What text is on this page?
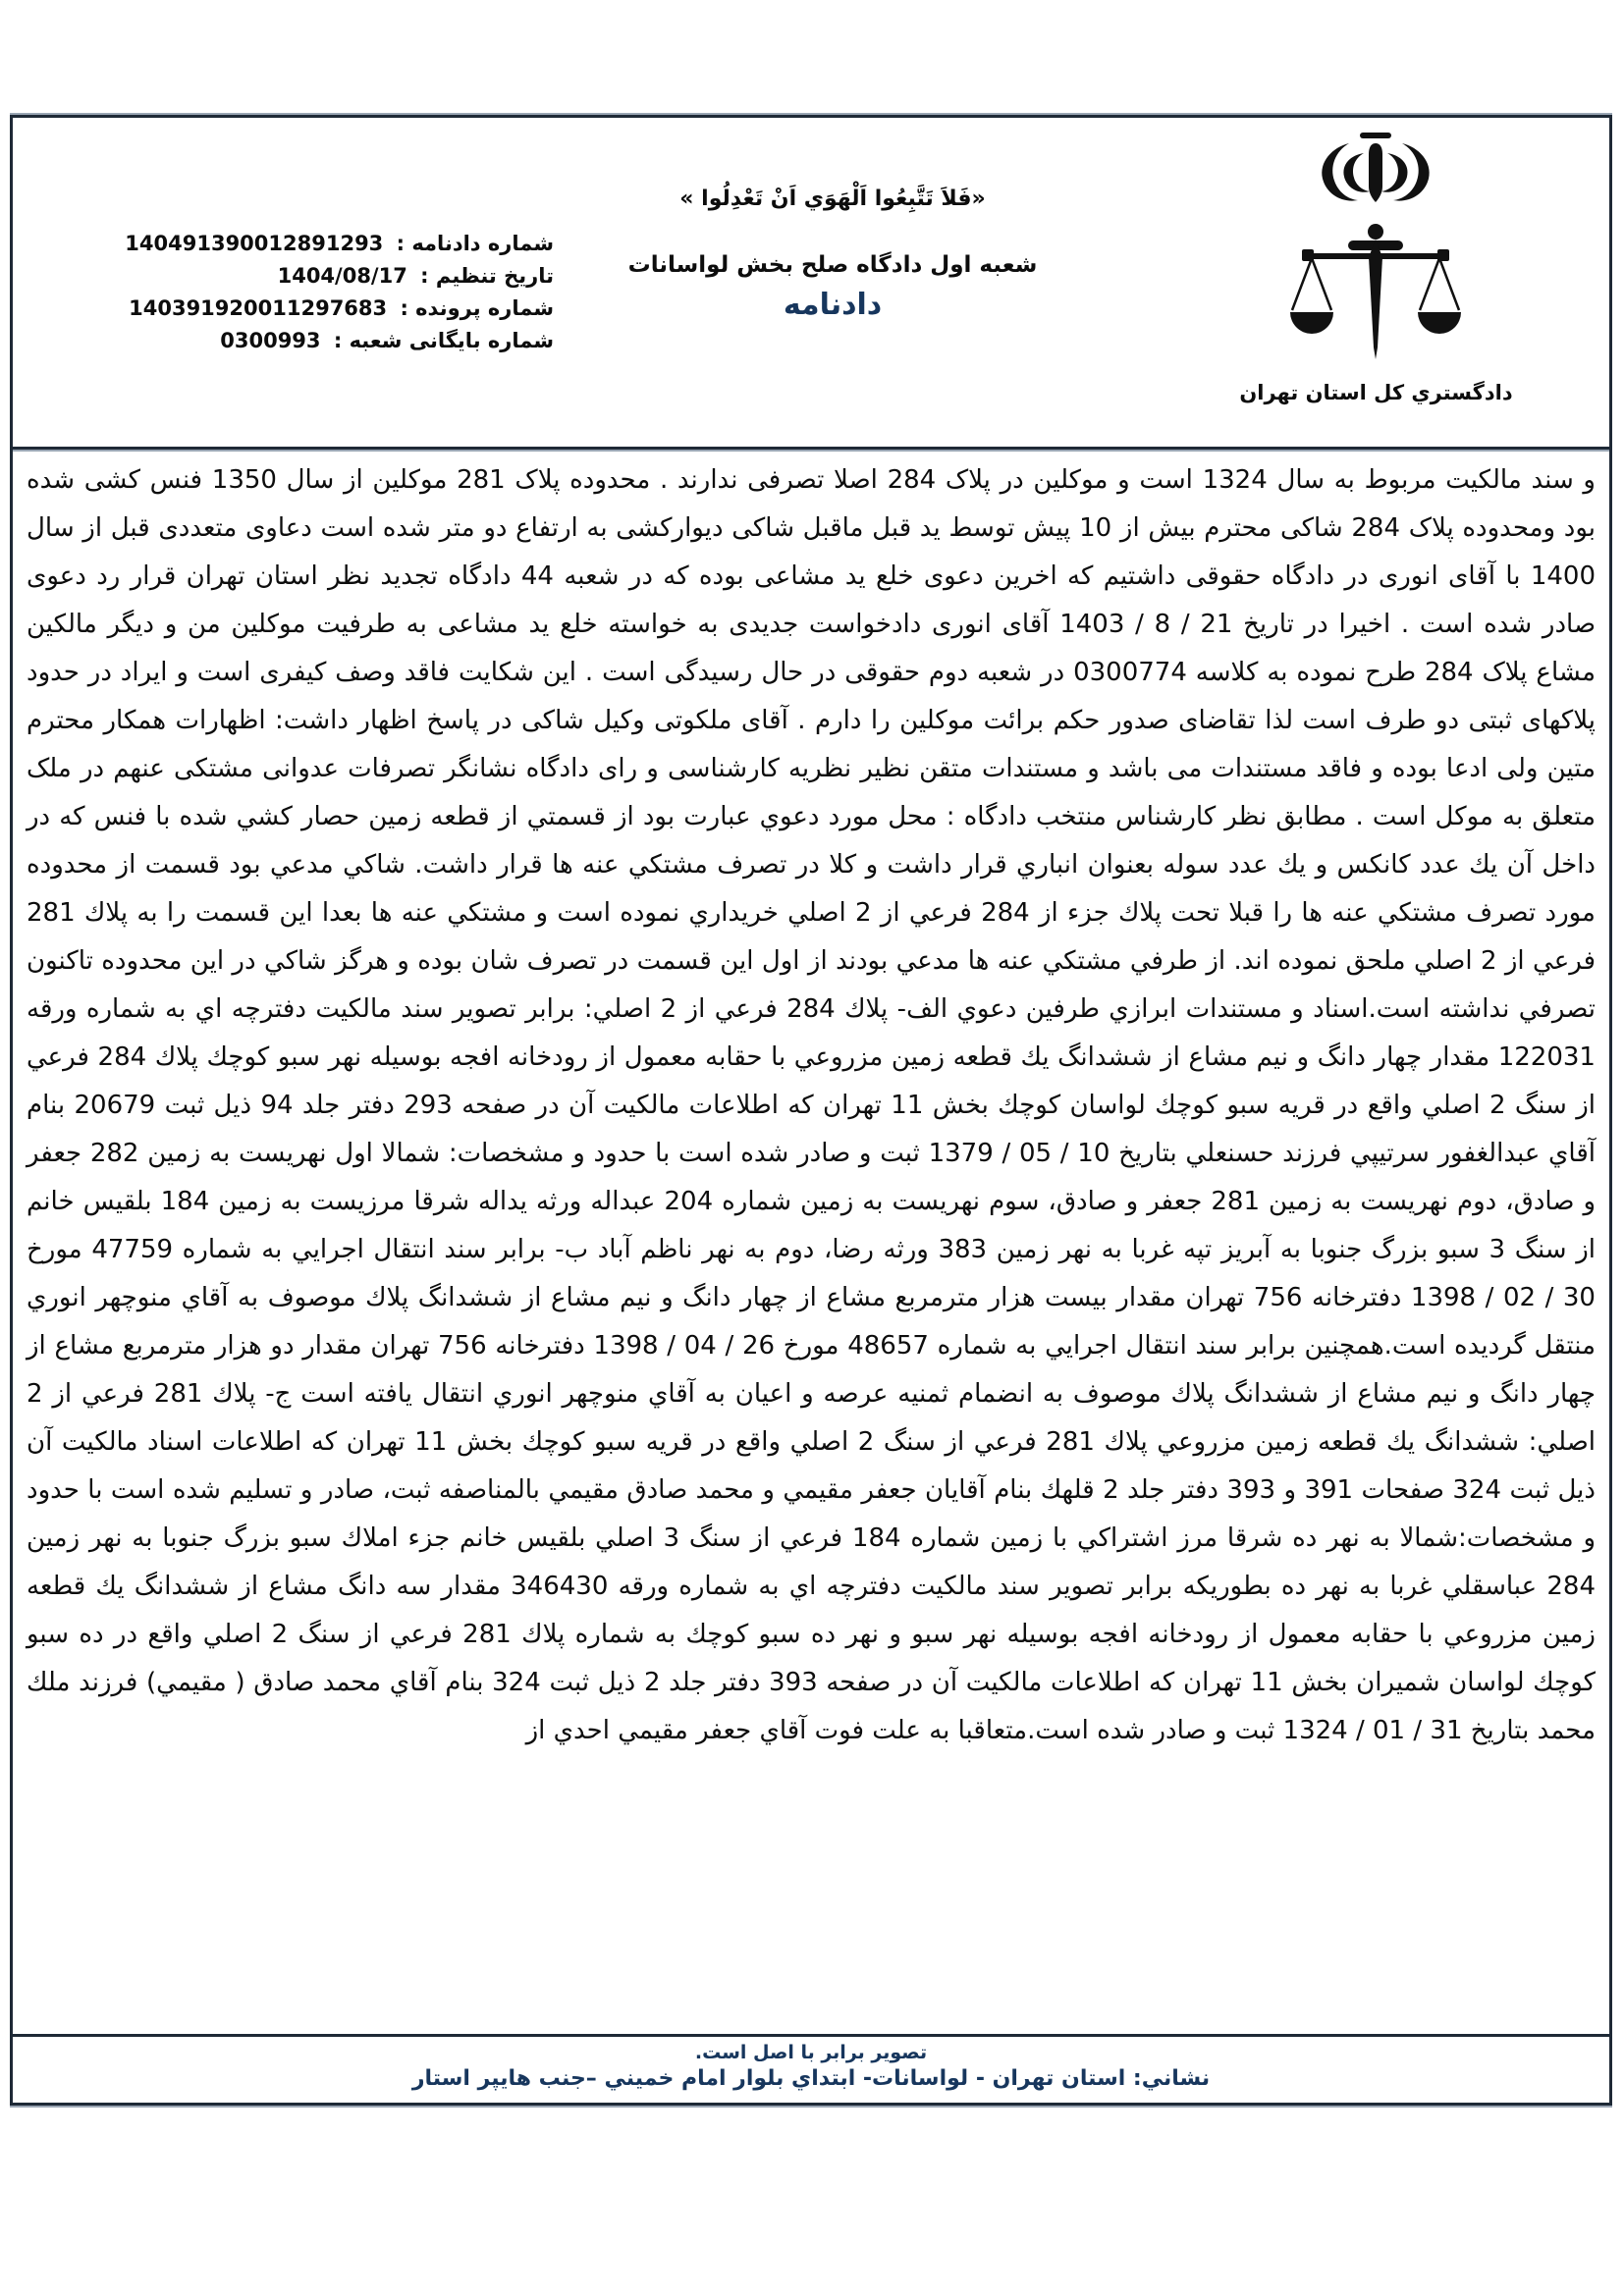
شماره دادنامه : 140491390012891293
تاریخ تنظیم : 1404/08/17
شماره پرونده : 140391920011297683
شماره بایگانی شعبه : 0300993
«فَلاَ تَتَّبِعُوا اَلْهَوَي اَنْ تَعْدِلُوا »
شعبه اول دادگاه صلح بخش لواسانات
دادنامه
دادگستري کل استان تهران
و سند مالکیت مربوط به سال 1324 است و موکلین در پلاک 284 اصلا تصرفی ندارند . محدوده پلاک 281 موکلین از سال 1350 فنس کشی شده بود ومحدوده پلاک 284 شاکی محترم بیش از 10 پیش توسط ید قبل ماقبل شاکی دیوارکشی به ارتفاع دو متر شده است دعاوی متعددی قبل از سال 1400 با آقای انوری در دادگاه حقوقی داشتیم که اخرین دعوی خلع ید مشاعی بوده که در شعبه 44 دادگاه تجدید نظر استان تهران قرار رد دعوی صادر شده است . اخیرا در تاریخ 21 / 8 / 1403 آقای انوری دادخواست جدیدی به خواسته خلع ید مشاعی به طرفیت موکلین من و دیگر مالکین مشاع پلاک 284 طرح نموده به کلاسه 0300774 در شعبه دوم حقوقی در حال رسیدگی است . این شکایت فاقد وصف کیفری است و ایراد در حدود پلاکهای ثبتی دو طرف است لذا تقاضای صدور حکم برائت موکلین را دارم . آقای ملکوتی وکیل شاکی در پاسخ اظهار داشت: اظهارات همکار محترم متین ولی ادعا بوده و فاقد مستندات می باشد و مستندات متقن نظیر نظریه کارشناسی و رای دادگاه نشانگر تصرفات عدوانی مشتکی عنهم در ملک متعلق به موکل است . مطابق نظر کارشناس منتخب دادگاه : محل مورد دعوي عبارت بود از قسمتي از قطعه زمین حصار کشي شده با فنس که در داخل آن یك عدد کانکس و یك عدد سوله بعنوان انباري قرار داشت و کلا در تصرف مشتکي عنه ها قرار داشت. شاکي مدعي بود قسمت از محدوده مورد تصرف مشتکي عنه ها را قبلا تحت پلاك جزء از 284 فرعي از 2 اصلي خریداري نموده است و مشتکي عنه ها بعدا این قسمت را به پلاك 281 فرعي از 2 اصلي ملحق نموده اند. از طرفي مشتکي عنه ها مدعي بودند از اول این قسمت در تصرف شان بوده و هرگز شاکي در این محدوده تاکنون تصرفي نداشته است.اسناد و مستندات ابرازي طرفین دعوي الف- پلاك 284 فرعي از 2 اصلي: برابر تصویر سند مالکیت دفترچه اي به شماره ورقه 122031 مقدار چهار دانگ و نیم مشاع از ششدانگ یك قطعه زمین مزروعي با حقابه معمول از رودخانه افجه بوسیله نهر سبو کوچك پلاك 284 فرعي از سنگ 2 اصلي واقع در قریه سبو کوچك لواسان کوچك بخش 11 تهران که اطلاعات مالکیت آن در صفحه 293 دفتر جلد 94 ذیل ثبت 20679 بنام آقاي عبدالغفور سرتیپي فرزند حسنعلي بتاریخ 10 / 05 / 1379 ثبت و صادر شده است با حدود و مشخصات: شمالا اول نهریست به زمین 282 جعفر و صادق، دوم نهریست به زمین 281 جعفر و صادق، سوم نهریست به زمین شماره 204 عبداله ورثه یداله شرقا مرزیست به زمین 184 بلقیس خانم از سنگ 3 سبو بزرگ جنوبا به آبریز تپه غربا به نهر زمین 383 ورثه رضا، دوم به نهر ناظم آباد ب- برابر سند انتقال اجرایي به شماره 47759 مورخ 30 / 02 / 1398 دفترخانه 756 تهران مقدار بیست هزار مترمربع مشاع از چهار دانگ و نیم مشاع از ششدانگ پلاك موصوف به آقاي منوچهر انوري منتقل گردیده است.همچنین برابر سند انتقال اجرایي به شماره 48657 مورخ 26 / 04 / 1398 دفترخانه 756 تهران مقدار دو هزار مترمربع مشاع از چهار دانگ و نیم مشاع از ششدانگ پلاك موصوف به انضمام ثمنیه عرصه و اعیان به آقاي منوچهر انوري انتقال یافته است ج- پلاك 281 فرعي از 2 اصلي: ششدانگ یك قطعه زمین مزروعي پلاك 281 فرعي از سنگ 2 اصلي واقع در قریه سبو کوچك بخش 11 تهران که اطلاعات اسناد مالکیت آن ذیل ثبت 324 صفحات 391 و 393 دفتر جلد 2 قلهك بنام آقایان جعفر مقیمي و محمد صادق مقیمي بالمناصفه ثبت، صادر و تسلیم شده است با حدود و مشخصات:شمالا به نهر ده شرقا مرز اشتراکي با زمین شماره 184 فرعي از سنگ 3 اصلي بلقیس خانم جزء املاك سبو بزرگ جنوبا به نهر زمین 284 عباسقلي غربا به نهر ده بطوریکه برابر تصویر سند مالکیت دفترچه اي به شماره ورقه 346430 مقدار سه دانگ مشاع از ششدانگ یك قطعه زمین مزروعي با حقابه معمول از رودخانه افجه بوسیله نهر سبو و نهر ده سبو کوچك به شماره پلاك 281 فرعي از سنگ 2 اصلي واقع در ده سبو کوچك لواسان شمیران بخش 11 تهران که اطلاعات مالکیت آن در صفحه 393 دفتر جلد 2 ذیل ثبت 324 بنام آقاي محمد صادق ( مقیمي) فرزند ملك محمد بتاریخ 31 / 01 / 1324 ثبت و صادر شده است.متعاقبا به علت فوت آقاي جعفر مقیمي احدي از
تصویر برابر با اصل است.
نشاني: استان تهران - لواسانات- ابتداي بلوار امام خمیني –جنب هایپر استار
